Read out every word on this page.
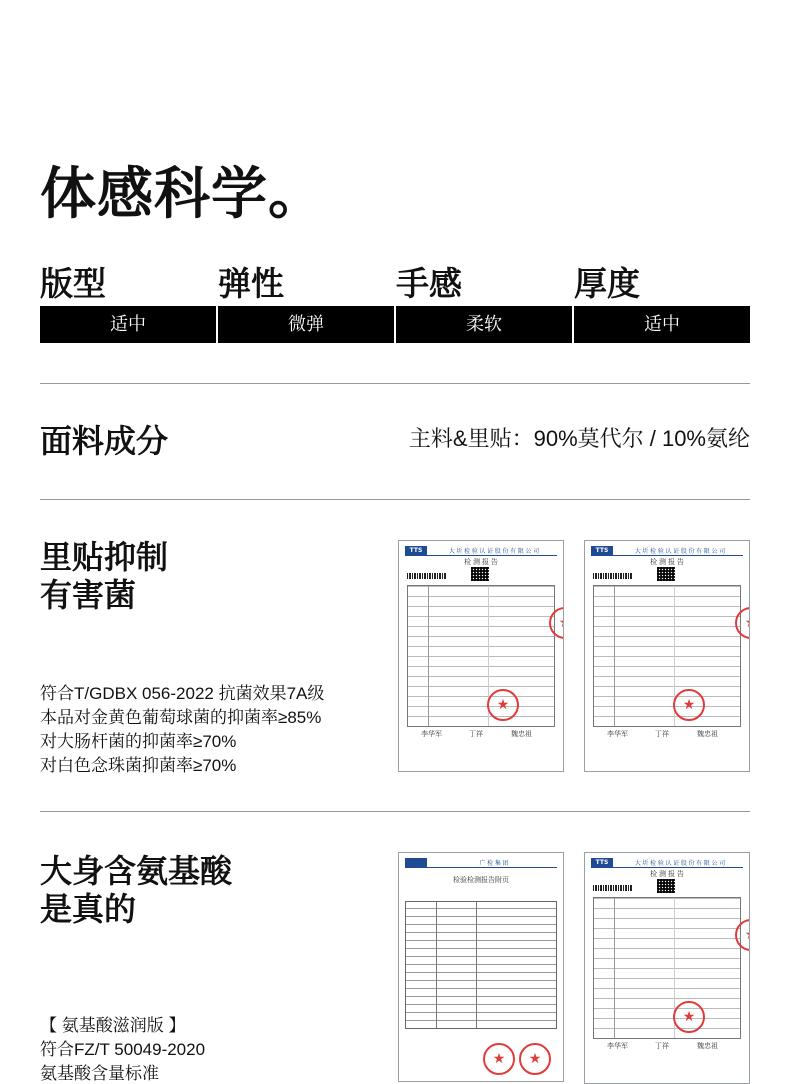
体感科学。
版型	弹性	手感	厚度
适中	微弹	柔软	适中
面料成分	主料&里贴：90%莫代尔 / 10%氨纶
里贴抑制
有害菌
符合T/GDBX 056-2022 抗菌效果7A级
本品对金黄色葡萄球菌的抑菌率≥85%
对大肠杆菌的抑菌率≥70%
对白色念珠菌抑菌率≥70%
TTS	大 圻 检 验 认 证 股 份 有 限 公 司
检 测 报 告
★
★
李华军	丁祥	魏忠祖
TTS	大 圻 检 验 认 证 股 份 有 限 公 司
检 测 报 告
★
★
李华军	丁祥	魏忠祖
大身含氨基酸
是真的
【 氨基酸滋润版 】
符合FZ/T 50049-2020
氨基酸含量标准
广 检 集 团
检验检测报告附页
★
★
TTS	大 圻 检 验 认 证 股 份 有 限 公 司
检 测 报 告
★
★
李华军	丁祥	魏忠祖
